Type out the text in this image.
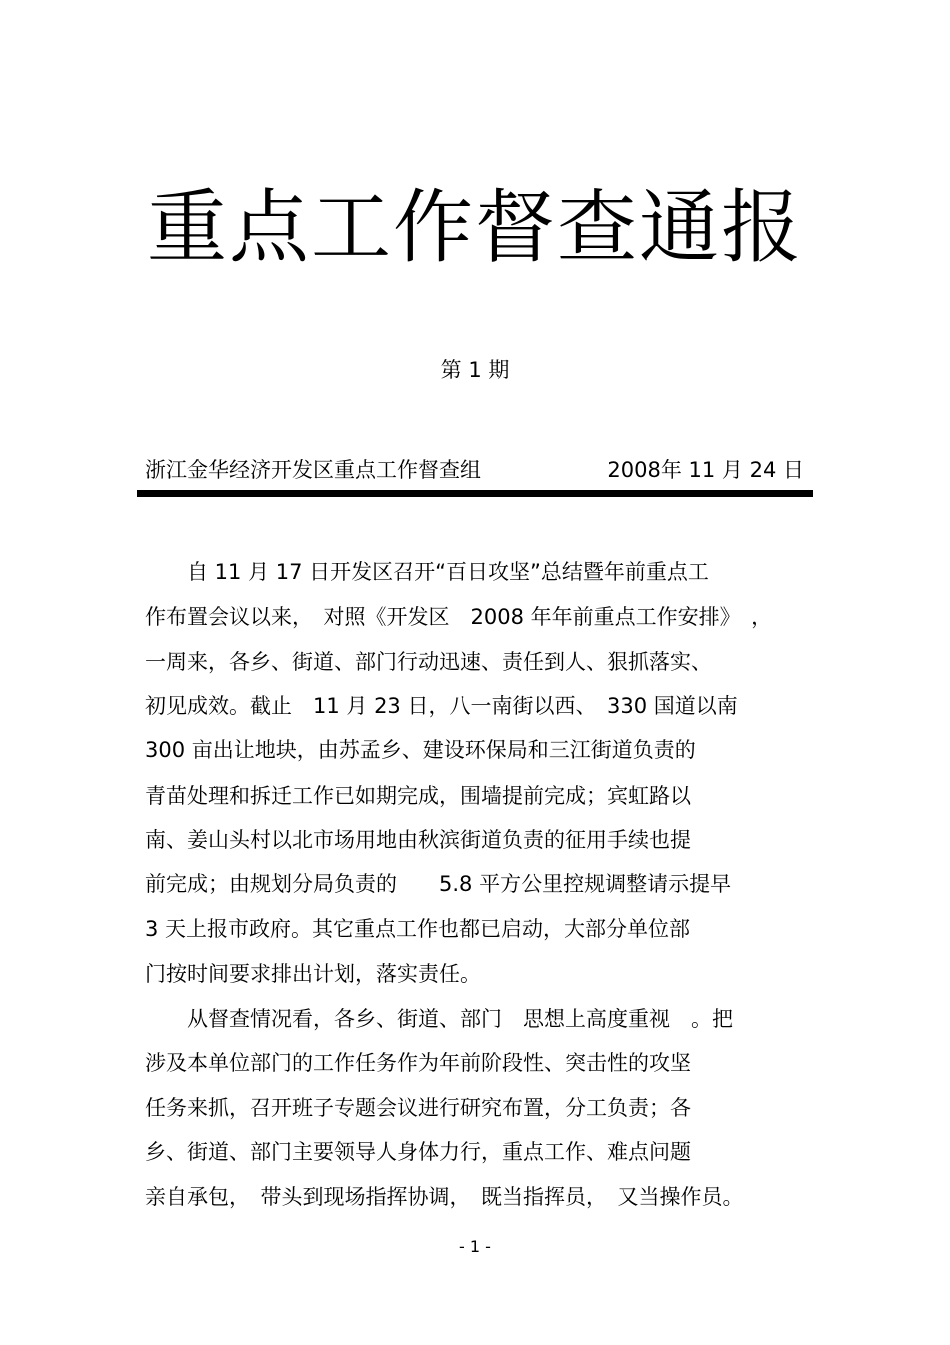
重点工作督查通报
第 1 期
浙江金华经济开发区重点工作督查组	2008年 11 月 24 日
　　自 11 月 17 日开发区召开“百日攻坚”总结暨年前重点工
作布置会议以来，　对照《开发区　2008 年年前重点工作安排》　，
一周来，各乡、街道、部门行动迅速、责任到人、狠抓落实、
初见成效。截止　11 月 23 日，八一南街以西、　330 国道以南
300 亩出让地块，由苏孟乡、建设环保局和三江街道负责的
青苗处理和拆迁工作已如期完成，围墙提前完成；宾虹路以
南、姜山头村以北市场用地由秋滨街道负责的征用手续也提
前完成；由规划分局负责的　　5.8 平方公里控规调整请示提早
3 天上报市政府。其它重点工作也都已启动，大部分单位部
门按时间要求排出计划，落实责任。
　　从督查情况看，各乡、街道、部门　思想上高度重视　。把
涉及本单位部门的工作任务作为年前阶段性、突击性的攻坚
任务来抓，召开班子专题会议进行研究布置，分工负责；各
乡、街道、部门主要领导人身体力行，重点工作、难点问题
亲自承包，　带头到现场指挥协调，　既当指挥员，　又当操作员。
- 1 -
